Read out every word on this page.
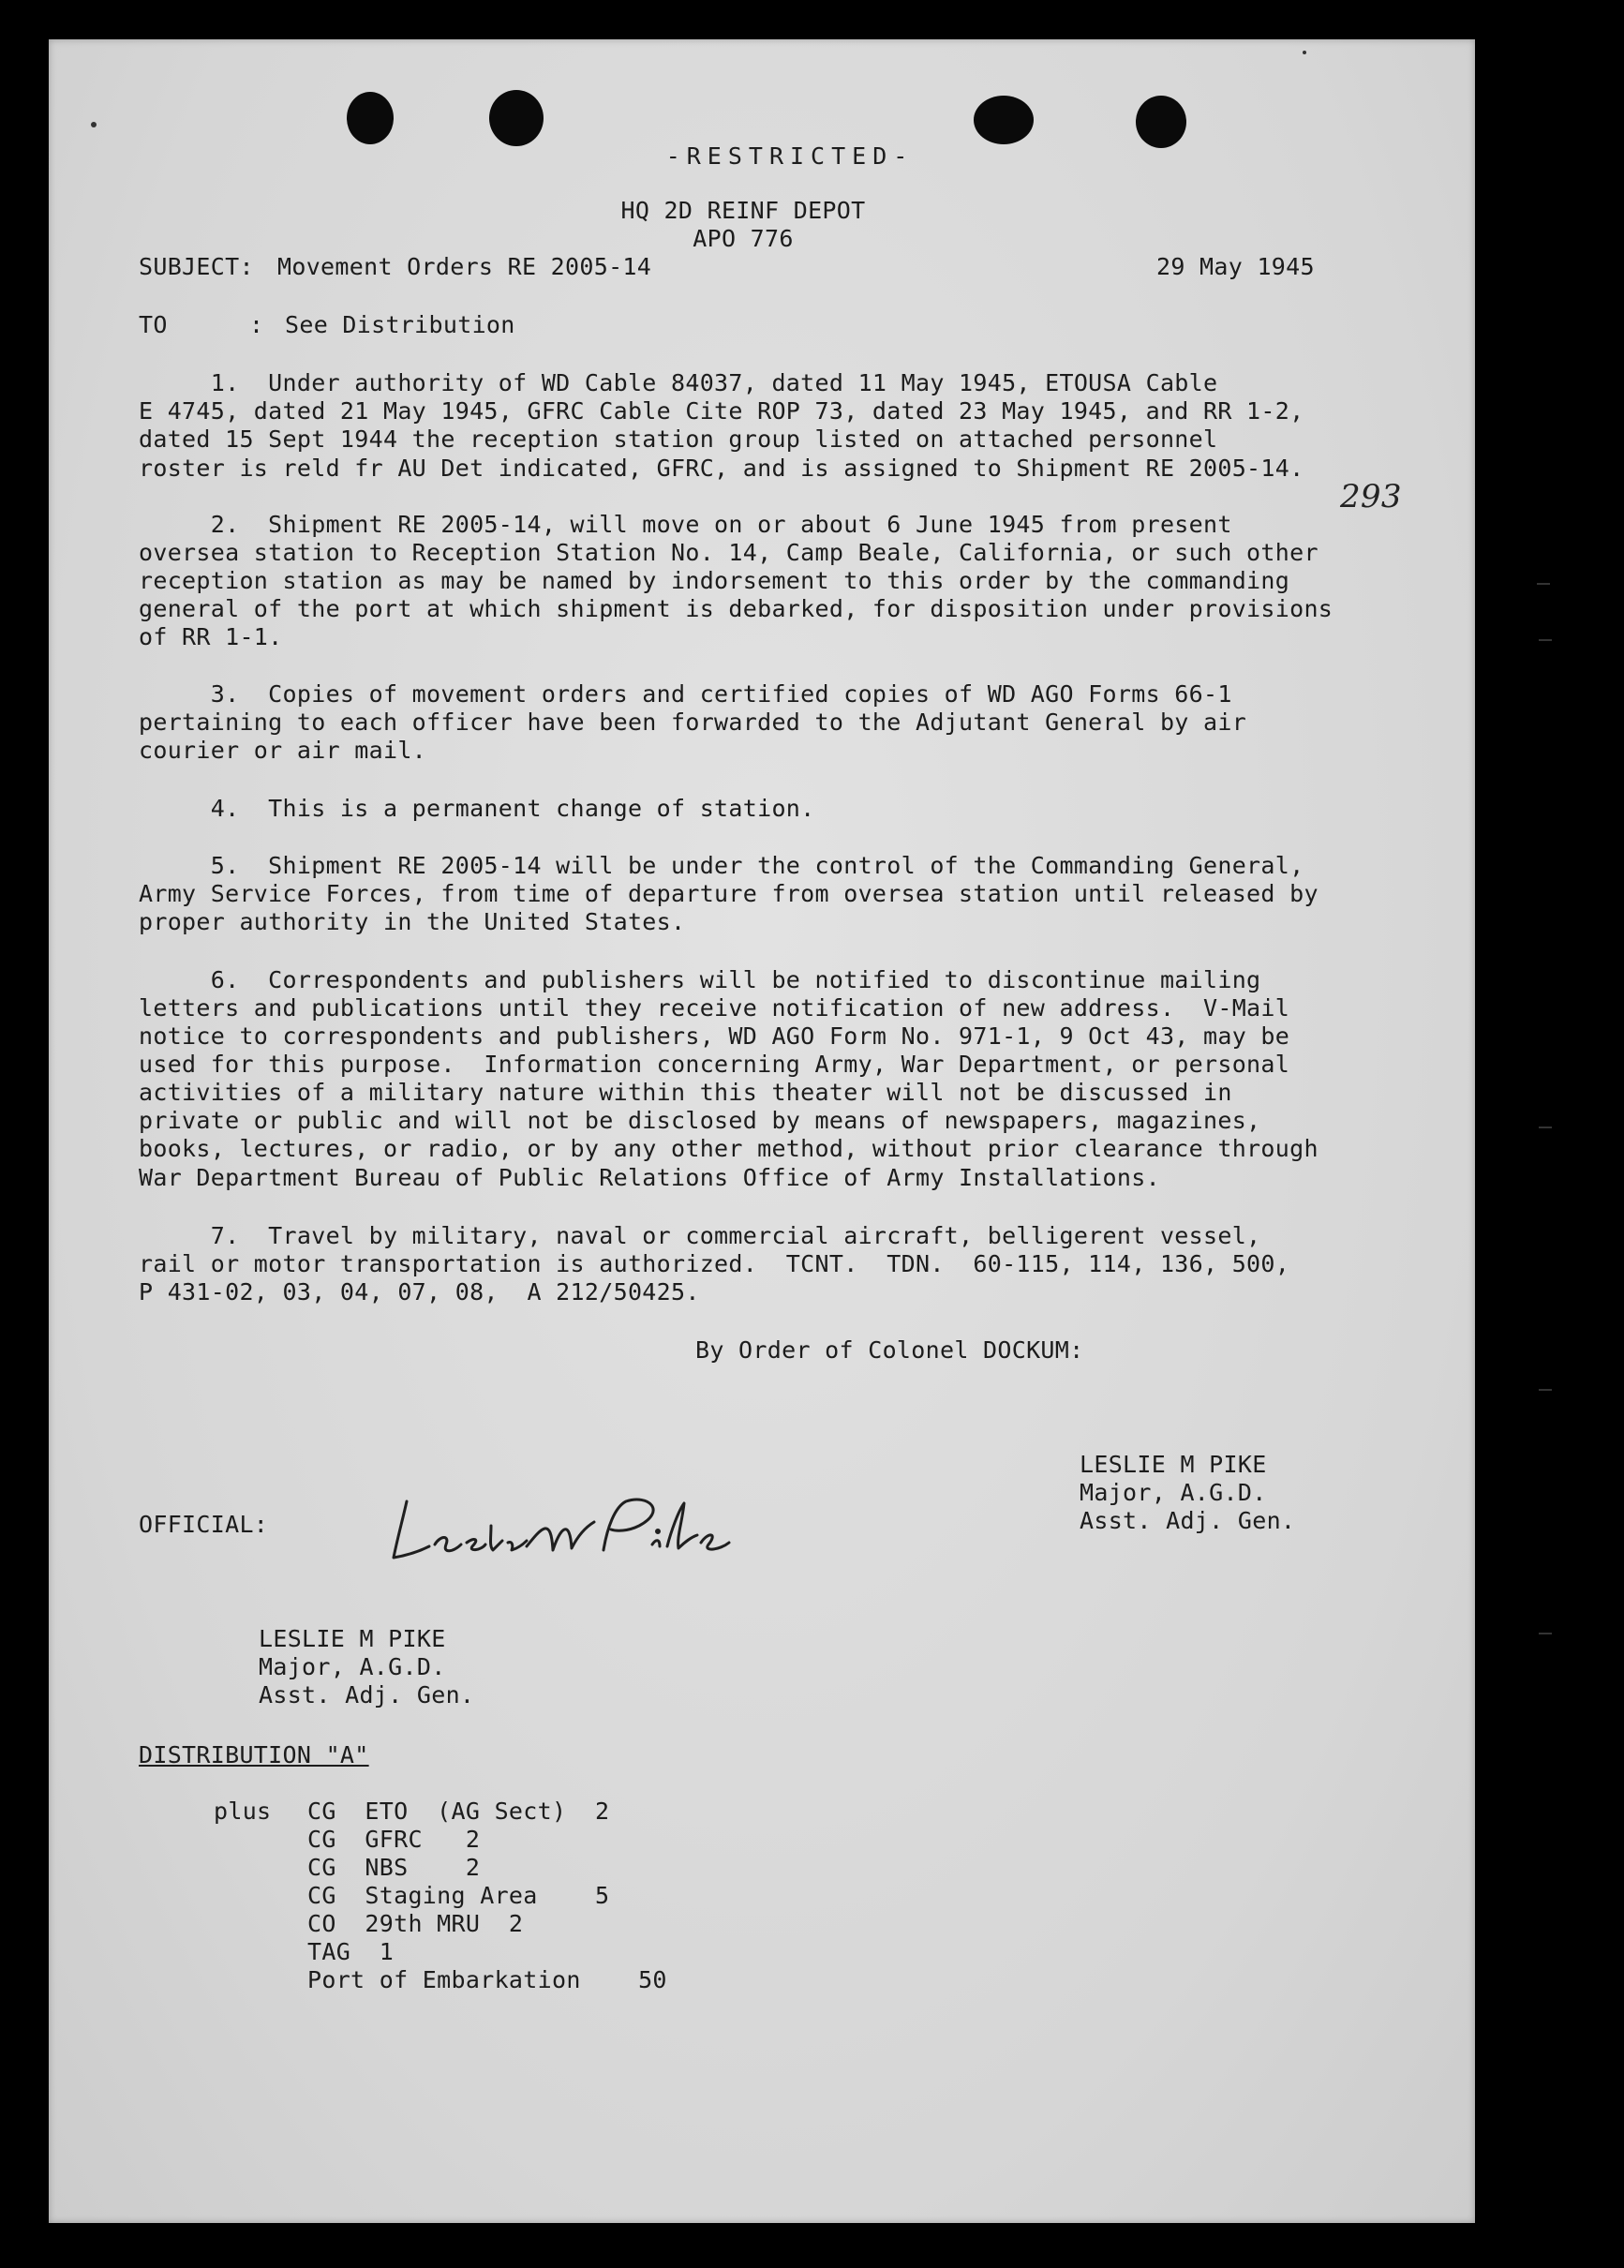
-RESTRICTED-

HQ 2D REINF DEPOT

APO 776

SUBJECT:

Movement Orders RE 2005-14

	29 May 1945

TO

	:

See Distribution

1.  Under authority of WD Cable 84037, dated 11 May 1945, ETOUSA Cable

E 4745, dated 21 May 1945, GFRC Cable Cite ROP 73, dated 23 May 1945, and RR 1-2,

dated 15 Sept 1944 the reception station group listed on attached personnel

roster is reld fr AU Det indicated, GFRC, and is assigned to Shipment RE 2005-14.

293

2.  Shipment RE 2005-14, will move on or about 6 June 1945 from present

oversea station to Reception Station No. 14, Camp Beale, California, or such other

reception station as may be named by indorsement to this order by the commanding

general of the port at which shipment is debarked, for disposition under provisions

of RR 1-1.

3.  Copies of movement orders and certified copies of WD AGO Forms 66-1

pertaining to each officer have been forwarded to the Adjutant General by air

courier or air mail.

4.  This is a permanent change of station.

5.  Shipment RE 2005-14 will be under the control of the Commanding General,

Army Service Forces, from time of departure from oversea station until released by

proper authority in the United States.

6.  Correspondents and publishers will be notified to discontinue mailing

letters and publications until they receive notification of new address.  V-Mail

notice to correspondents and publishers, WD AGO Form No. 971-1, 9 Oct 43, may be

used for this purpose.  Information concerning Army, War Department, or personal

activities of a military nature within this theater will not be discussed in

private or public and will not be disclosed by means of newspapers, magazines,

books, lectures, or radio, or by any other method, without prior clearance through

War Department Bureau of Public Relations Office of Army Installations.

7.  Travel by military, naval or commercial aircraft, belligerent vessel,

rail or motor transportation is authorized.  TCNT.  TDN.  60-115, 114, 136, 500,

P 431-02, 03, 04, 07, 08,  A 212/50425.

By Order of Colonel DOCKUM:

LESLIE M PIKE

Major, A.G.D.

Asst. Adj. Gen.

OFFICIAL:

LESLIE M PIKE

Major, A.G.D.

Asst. Adj. Gen.

DISTRIBUTION "A"

plus

CG  ETO  (AG Sect)  2

CG  GFRC   2

CG  NBS    2

CG  Staging Area    5

CO  29th MRU  2

TAG  1

Port of Embarkation    50
